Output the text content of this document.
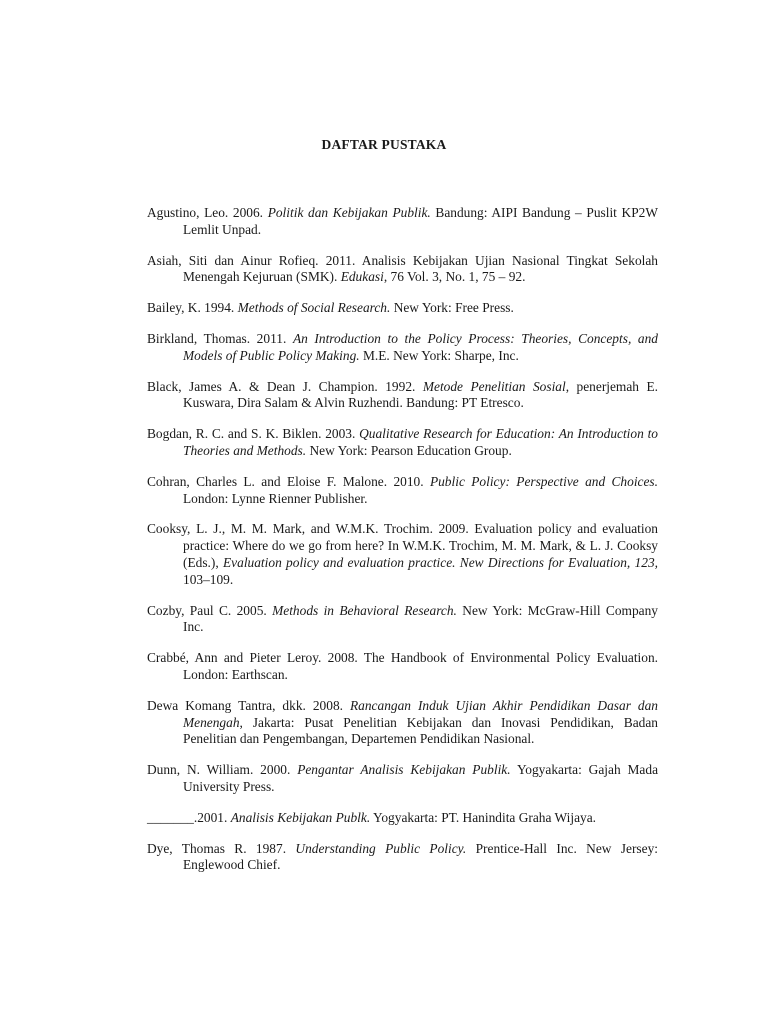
DAFTAR PUSTAKA

Agustino, Leo. 2006. Politik dan Kebijakan Publik. Bandung: AIPI Bandung – Puslit KP2W Lemlit Unpad.

Asiah, Siti dan Ainur Rofieq. 2011. Analisis Kebijakan Ujian Nasional Tingkat Sekolah Menengah Kejuruan (SMK). Edukasi, 76 Vol. 3, No. 1, 75 – 92.

Bailey, K. 1994. Methods of Social Research. New York: Free Press.

Birkland, Thomas. 2011. An Introduction to the Policy Process: Theories, Concepts, and Models of Public Policy Making. M.E. New York: Sharpe, Inc.

Black, James A. & Dean J. Champion. 1992. Metode Penelitian Sosial, penerjemah E. Kuswara, Dira Salam & Alvin Ruzhendi. Bandung: PT Etresco.

Bogdan, R. C. and S. K. Biklen. 2003. Qualitative Research for Education: An Introduction to Theories and Methods. New York: Pearson Education Group.

Cohran, Charles L. and Eloise F. Malone. 2010. Public Policy: Perspective and Choices. London: Lynne Rienner Publisher.

Cooksy, L. J., M. M. Mark, and W.M.K. Trochim. 2009. Evaluation policy and evaluation practice: Where do we go from here? In W.M.K. Trochim, M. M. Mark, & L. J. Cooksy (Eds.), Evaluation policy and evaluation practice. New Directions for Evaluation, 123, 103–109.

Cozby, Paul C. 2005. Methods in Behavioral Research. New York: McGraw-Hill Company Inc.

Crabbé, Ann and Pieter Leroy. 2008. The Handbook of Environmental Policy Evaluation. London: Earthscan.

Dewa Komang Tantra, dkk. 2008. Rancangan Induk Ujian Akhir Pendidikan Dasar dan Menengah, Jakarta: Pusat Penelitian Kebijakan dan Inovasi Pendidikan, Badan Penelitian dan Pengembangan, Departemen Pendidikan Nasional.

Dunn, N. William. 2000. Pengantar Analisis Kebijakan Publik. Yogyakarta: Gajah Mada University Press.

_______.2001. Analisis Kebijakan Publk. Yogyakarta: PT. Hanindita Graha Wijaya.

Dye, Thomas R. 1987. Understanding Public Policy. Prentice-Hall Inc. New Jersey: Englewood Chief.
